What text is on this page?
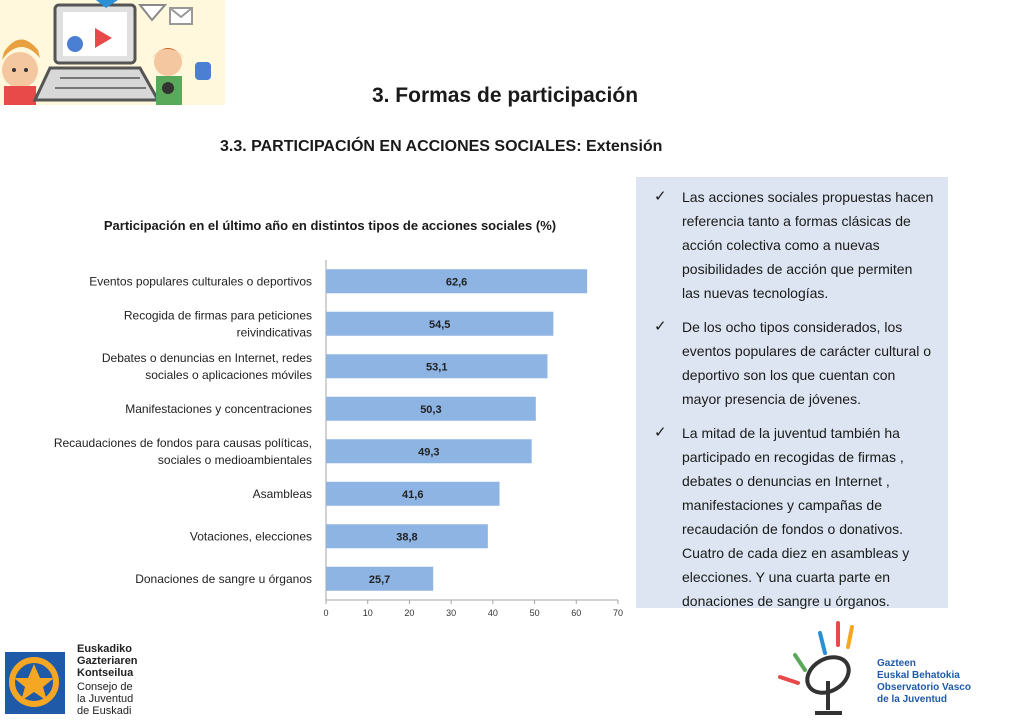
3. Formas de participación
3.3. PARTICIPACIÓN EN ACCIONES SOCIALES: Extensión
Participación en el último año en distintos tipos de acciones sociales (%)
0	10	20	30	40	50	60	70
62,6
Eventos populares culturales o deportivos
54,5
Recogida de firmas para peticiones
reivindicativas
53,1
Debates o denuncias en Internet, redes
sociales o aplicaciones móviles
50,3
Manifestaciones y concentraciones
49,3
Recaudaciones de fondos para causas políticas,
sociales o medioambientales
41,6
Asambleas
38,8
Votaciones, elecciones
25,7
Donaciones de sangre u órganos
✓ Las acciones sociales propuestas hacen referencia tanto a formas clásicas de acción colectiva como a nuevas posibilidades de acción que permiten las nuevas tecnologías.
✓ De los ocho tipos considerados, los eventos populares de carácter cultural o deportivo son los que cuentan con mayor presencia de jóvenes.
✓ La mitad de la juventud también ha participado en recogidas de firmas , debates o denuncias en Internet , manifestaciones y campañas de recaudación de fondos o donativos. Cuatro de cada diez en asambleas y elecciones. Y una cuarta parte en donaciones de sangre u órganos.
Euskadiko
Gazteriaren
Kontseilua
Consejo de
la Juventud
de Euskadi
Gazteen
Euskal Behatokia
Observatorio Vasco
de la Juventud
